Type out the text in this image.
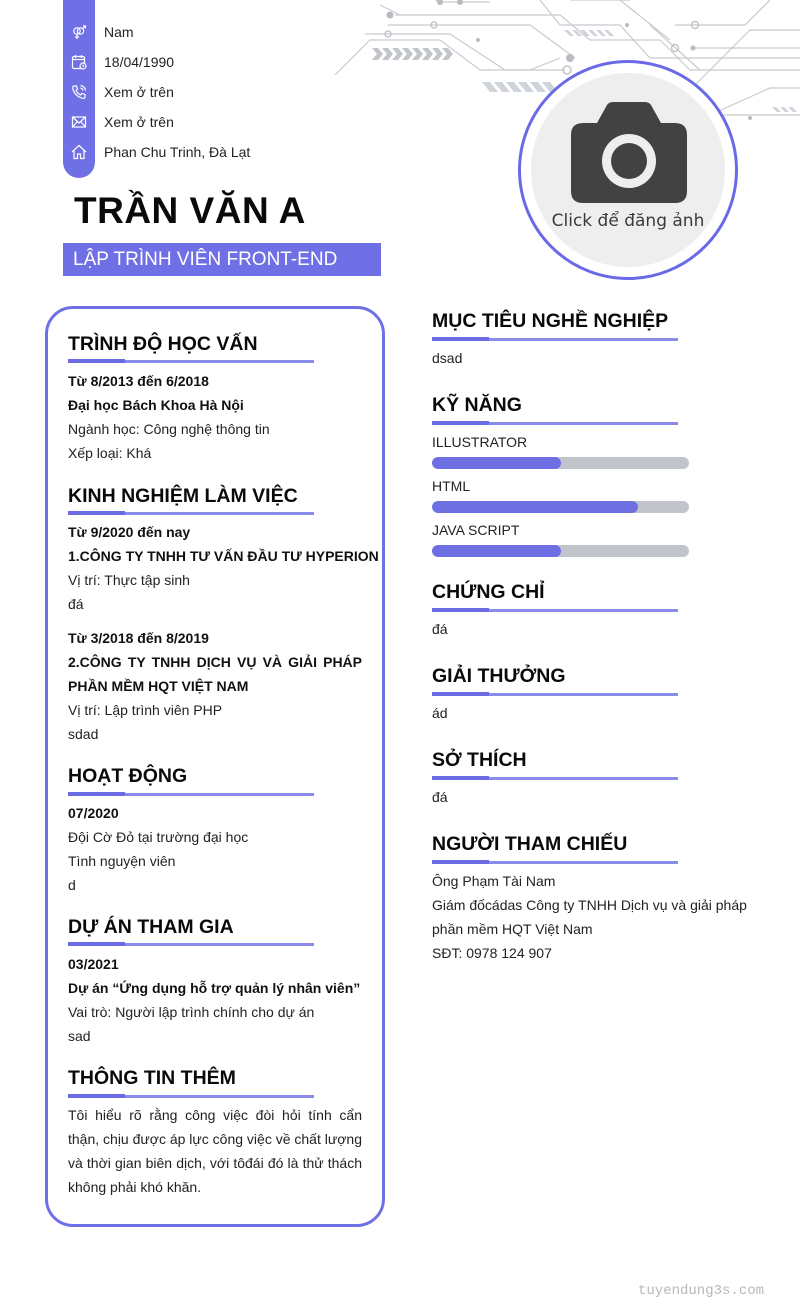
Nam
18/04/1990
Xem ở trên
Xem ở trên
Phan Chu Trinh, Đà Lạt
TRẦN VĂN A
LẬP TRÌNH VIÊN FRONT-END
Click để đăng ảnh
TRÌNH ĐỘ HỌC VẤN
Từ 8/2013 đến 6/2018
Đại học Bách Khoa Hà Nội
Ngành học: Công nghệ thông tin
Xếp loại: Khá
KINH NGHIỆM LÀM VIỆC
Từ 9/2020 đến nay
1.CÔNG TY TNHH TƯ VẤN ĐẦU TƯ HYPERION
Vị trí: Thực tập sinh
đá
Từ 3/2018 đến 8/2019
2.CÔNG TY TNHH DỊCH VỤ VÀ GIẢI PHÁP PHẦN MỀM HQT VIỆT NAM
Vị trí: Lập trình viên PHP
sdad
HOẠT ĐỘNG
07/2020
Đội Cờ Đỏ tại trường đại học
Tình nguyện viên
d
DỰ ÁN THAM GIA
03/2021
Dự án “Ứng dụng hỗ trợ quản lý nhân viên”
Vai trò: Người lập trình chính cho dự án
sad
THÔNG TIN THÊM
Tôi hiểu rõ rằng công việc đòi hỏi tính cẩn thận, chịu được áp lực công việc về chất lượng và thời gian biên dịch, với tôđái đó là thử thách không phải khó khăn.
MỤC TIÊU NGHỀ NGHIỆP
dsad
KỸ NĂNG
ILLUSTRATOR
HTML
JAVA SCRIPT
CHỨNG CHỈ
đá
GIẢI THƯỞNG
ád
SỞ THÍCH
đá
NGƯỜI THAM CHIẾU
Ông Phạm Tài Nam
Giám đốcádas Công ty TNHH Dịch vụ và giải pháp phần mềm HQT Việt Nam
SĐT: 0978 124 907
tuyendung3s.com
